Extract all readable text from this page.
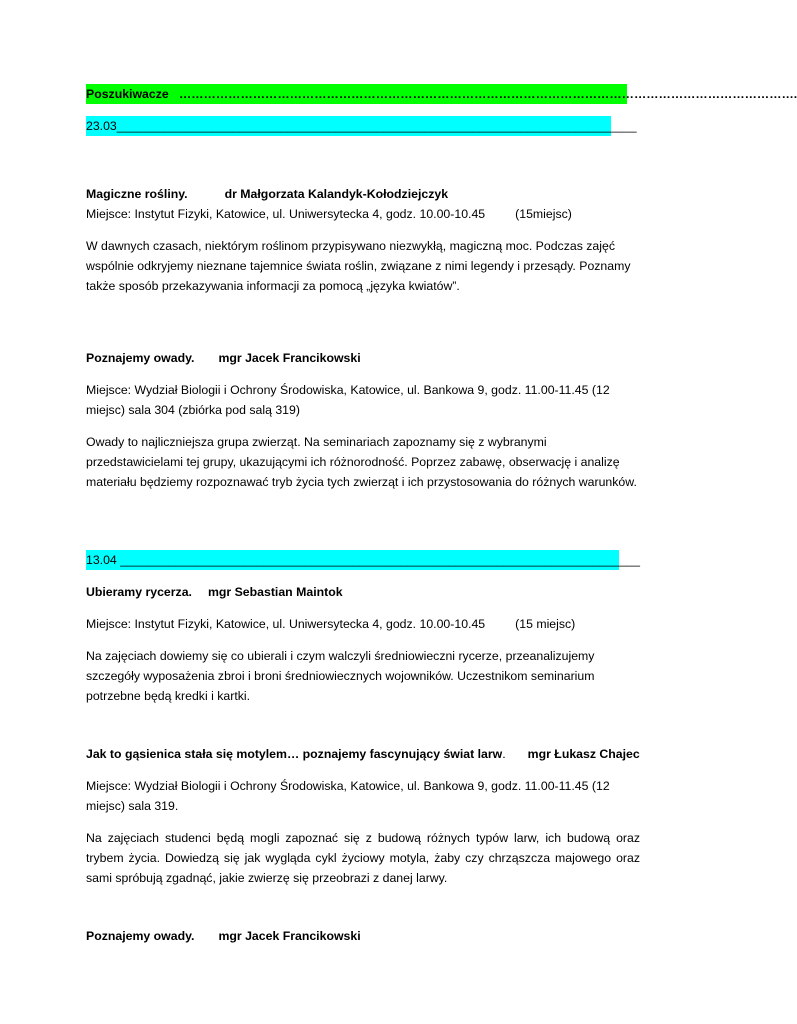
Poszukiwacze …………………………………………………………………………………………………………………………………….
23.03____________________________________________________________________________
Magiczne rośliny.	dr Małgorzata Kalandyk-Kołodziejczyk
Miejsce: Instytut Fizyki, Katowice, ul. Uniwersytecka 4, godz. 10.00-10.45 (15miejsc)
W dawnych czasach, niektórym roślinom przypisywano niezwykłą, magiczną moc. Podczas zajęć wspólnie odkryjemy nieznane tajemnice świata roślin, związane z nimi legendy i przesądy. Poznamy także sposób przekazywania informacji za pomocą „języka kwiatów”.
Poznajemy owady. mgr Jacek Francikowski
Miejsce: Wydział Biologii i Ochrony Środowiska, Katowice, ul. Bankowa 9, godz. 11.00-11.45 (12 miejsc) sala 304 (zbiórka pod salą 319)
Owady to najliczniejsza grupa zwierząt. Na seminariach zapoznamy się z wybranymi przedstawicielami tej grupy, ukazującymi ich różnorodność. Poprzez zabawę, obserwację i analizę materiału będziemy rozpoznawać tryb życia tych zwierząt i ich przystosowania do różnych warunków.
13.04 ____________________________________________________________________________
Ubieramy rycerza. mgr Sebastian Maintok
Miejsce: Instytut Fizyki, Katowice, ul. Uniwersytecka 4, godz. 10.00-10.45 (15 miejsc)
Na zajęciach dowiemy się co ubierali i czym walczyli średniowieczni rycerze, przeanalizujemy szczegóły wyposażenia zbroi i broni średniowiecznych wojowników. Uczestnikom seminarium potrzebne będą kredki i kartki.
Jak to gąsienica stała się motylem… poznajemy fascynujący świat larw. mgr Łukasz Chajec
Miejsce: Wydział Biologii i Ochrony Środowiska, Katowice, ul. Bankowa 9, godz. 11.00-11.45 (12 miejsc) sala 319.
Na zajęciach studenci będą mogli zapoznać się z budową różnych typów larw, ich budową oraz trybem życia. Dowiedzą się jak wygląda cykl życiowy motyla, żaby czy chrząszcza majowego oraz sami spróbują zgadnąć, jakie zwierzę się przeobrazi z danej larwy.
Poznajemy owady. mgr Jacek Francikowski
